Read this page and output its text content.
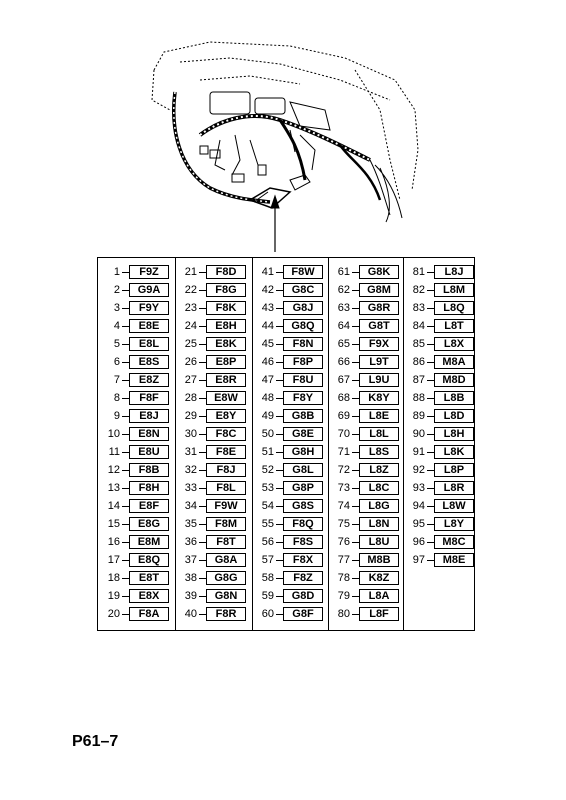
1	F9Z
2	G9A
3	F9Y
4	E8E
5	E8L
6	E8S
7	E8Z
8	F8F
9	E8J
10	E8N
11	E8U
12	F8B
13	F8H
14	E8F
15	E8G
16	E8M
17	E8Q
18	E8T
19	E8X
20	F8A
21	F8D
22	F8G
23	F8K
24	E8H
25	E8K
26	E8P
27	E8R
28	E8W
29	E8Y
30	F8C
31	F8E
32	F8J
33	F8L
34	F9W
35	F8M
36	F8T
37	G8A
38	G8G
39	G8N
40	F8R
41	F8W
42	G8C
43	G8J
44	G8Q
45	F8N
46	F8P
47	F8U
48	F8Y
49	G8B
50	G8E
51	G8H
52	G8L
53	G8P
54	G8S
55	F8Q
56	F8S
57	F8X
58	F8Z
59	G8D
60	G8F
61	G8K
62	G8M
63	G8R
64	G8T
65	F9X
66	L9T
67	L9U
68	K8Y
69	L8E
70	L8L
71	L8S
72	L8Z
73	L8C
74	L8G
75	L8N
76	L8U
77	M8B
78	K8Z
79	L8A
80	L8F
81	L8J
82	L8M
83	L8Q
84	L8T
85	L8X
86	M8A
87	M8D
88	L8B
89	L8D
90	L8H
91	L8K
92	L8P
93	L8R
94	L8W
95	L8Y
96	M8C
97	M8E
P61–7
